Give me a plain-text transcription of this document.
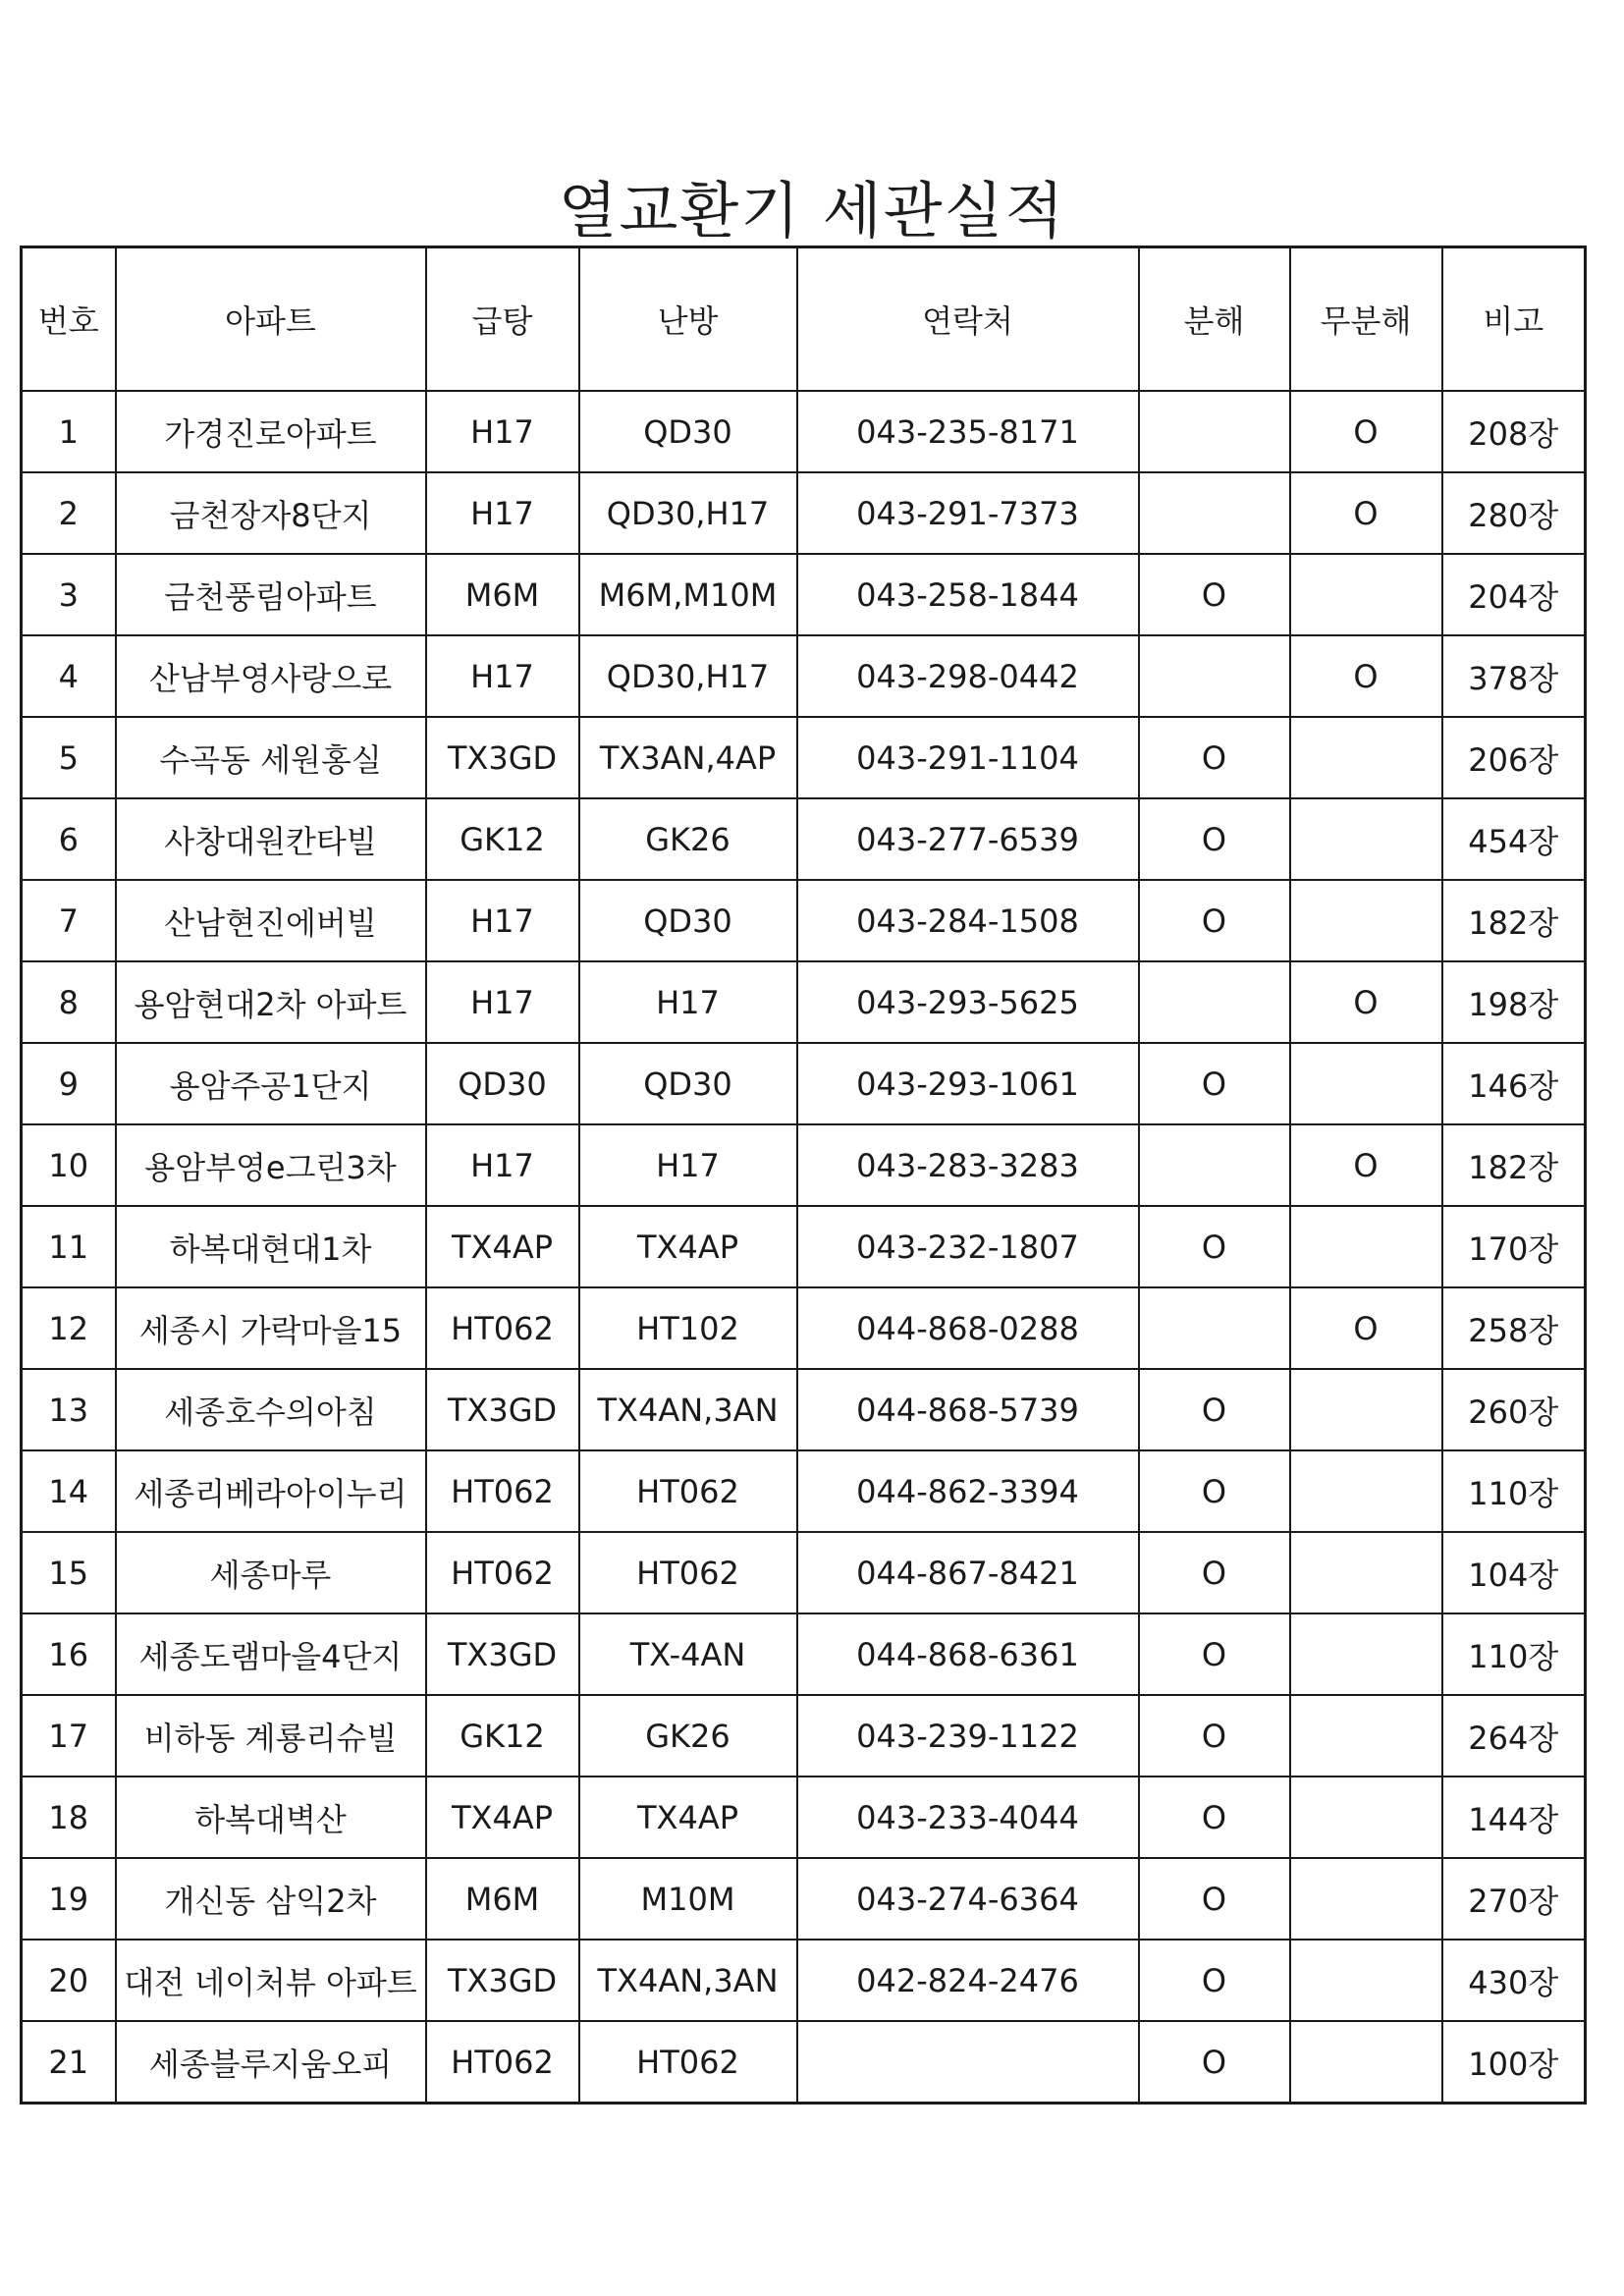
열교환기 세관실적
번호	아파트	급탕	난방	연락처	분해	무분해	비고
1	가경진로아파트	H17	QD30	043-235-8171		O	208장
2	금천장자8단지	H17	QD30,H17	043-291-7373		O	280장
3	금천풍림아파트	M6M	M6M,M10M	043-258-1844	O		204장
4	산남부영사랑으로	H17	QD30,H17	043-298-0442		O	378장
5	수곡동 세원홍실	TX3GD	TX3AN,4AP	043-291-1104	O		206장
6	사창대원칸타빌	GK12	GK26	043-277-6539	O		454장
7	산남현진에버빌	H17	QD30	043-284-1508	O		182장
8	용암현대2차 아파트	H17	H17	043-293-5625		O	198장
9	용암주공1단지	QD30	QD30	043-293-1061	O		146장
10	용암부영e그린3차	H17	H17	043-283-3283		O	182장
11	하복대현대1차	TX4AP	TX4AP	043-232-1807	O		170장
12	세종시 가락마을15	HT062	HT102	044-868-0288		O	258장
13	세종호수의아침	TX3GD	TX4AN,3AN	044-868-5739	O		260장
14	세종리베라아이누리	HT062	HT062	044-862-3394	O		110장
15	세종마루	HT062	HT062	044-867-8421	O		104장
16	세종도램마을4단지	TX3GD	TX-4AN	044-868-6361	O		110장
17	비하동 계룡리슈빌	GK12	GK26	043-239-1122	O		264장
18	하복대벽산	TX4AP	TX4AP	043-233-4044	O		144장
19	개신동 삼익2차	M6M	M10M	043-274-6364	O		270장
20	대전 네이처뷰 아파트	TX3GD	TX4AN,3AN	042-824-2476	O		430장
21	세종블루지움오피	HT062	HT062		O		100장
